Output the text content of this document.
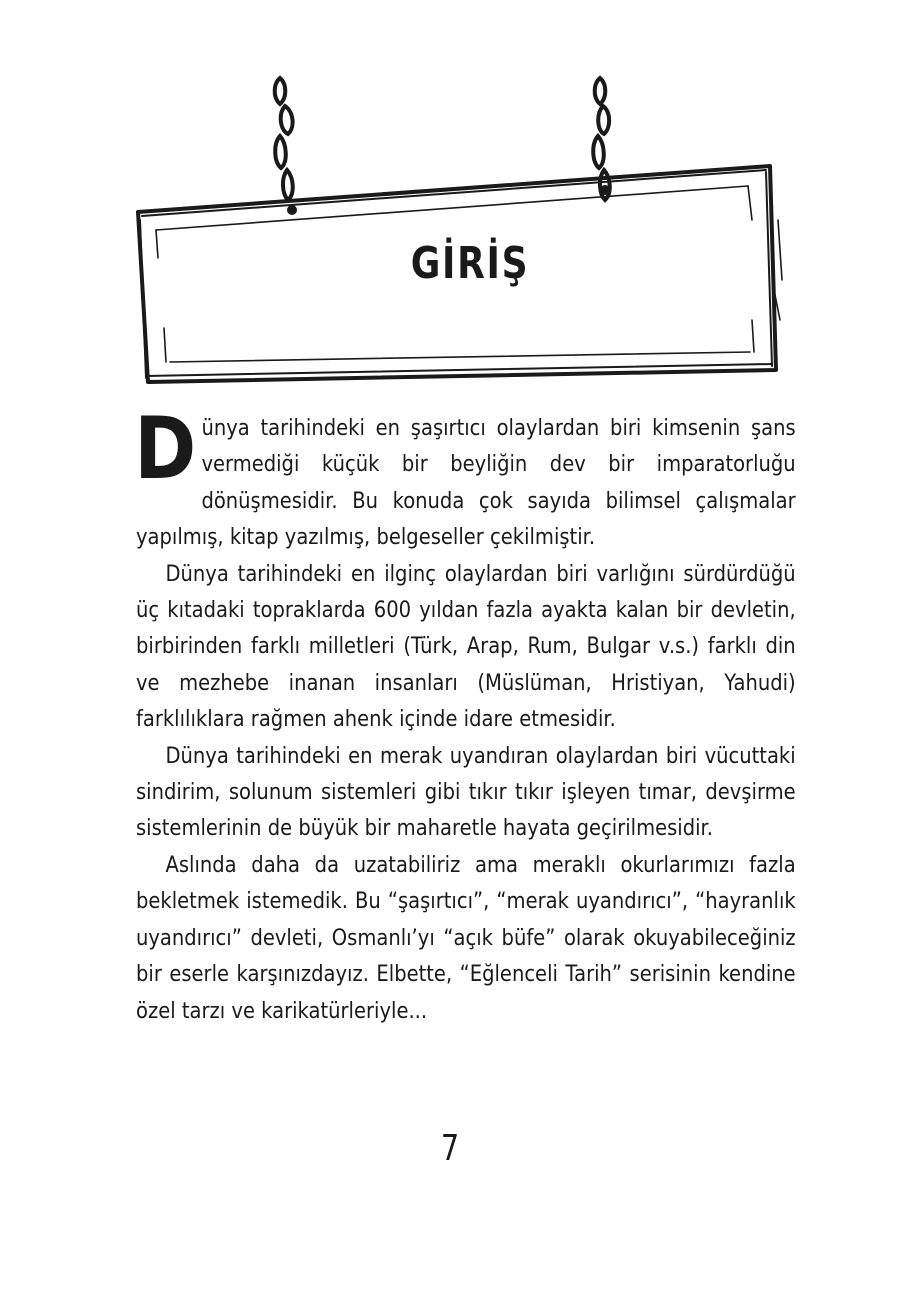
GİRİŞ

Dünya tarihindeki en şaşırtıcı olaylardan biri kimsenin şans vermediği küçük bir beyliğin dev bir imparatorluğu dönüşmesidir. Bu konuda çok sayıda bilimsel çalışmalar yapılmış, kitap yazılmış, belgeseller çekilmiştir.

Dünya tarihindeki en ilginç olaylardan biri varlığını sürdürdüğü üç kıtadaki topraklarda 600 yıldan fazla ayakta kalan bir devletin, birbirinden farklı milletleri (Türk, Arap, Rum, Bulgar v.s.) farklı din ve mezhebe inanan insanları (Müslüman, Hristiyan, Yahudi) farklılıklara rağmen ahenk içinde idare etmesidir.

Dünya tarihindeki en merak uyandıran olaylardan biri vücuttaki sindirim, solunum sistemleri gibi tıkır tıkır işleyen tımar, devşirme sistemlerinin de büyük bir maharetle hayata geçirilmesidir.

Aslında daha da uzatabiliriz ama meraklı okurlarımızı fazla bekletmek istemedik. Bu “şaşırtıcı”, “merak uyandırıcı”, “hayranlık uyandırıcı” devleti, Osmanlı’yı “açık büfe” olarak okuyabileceğiniz bir eserle karşınızdayız. Elbette, “Eğlenceli Tarih” serisinin kendine özel tarzı ve karikatürleriyle...

7
